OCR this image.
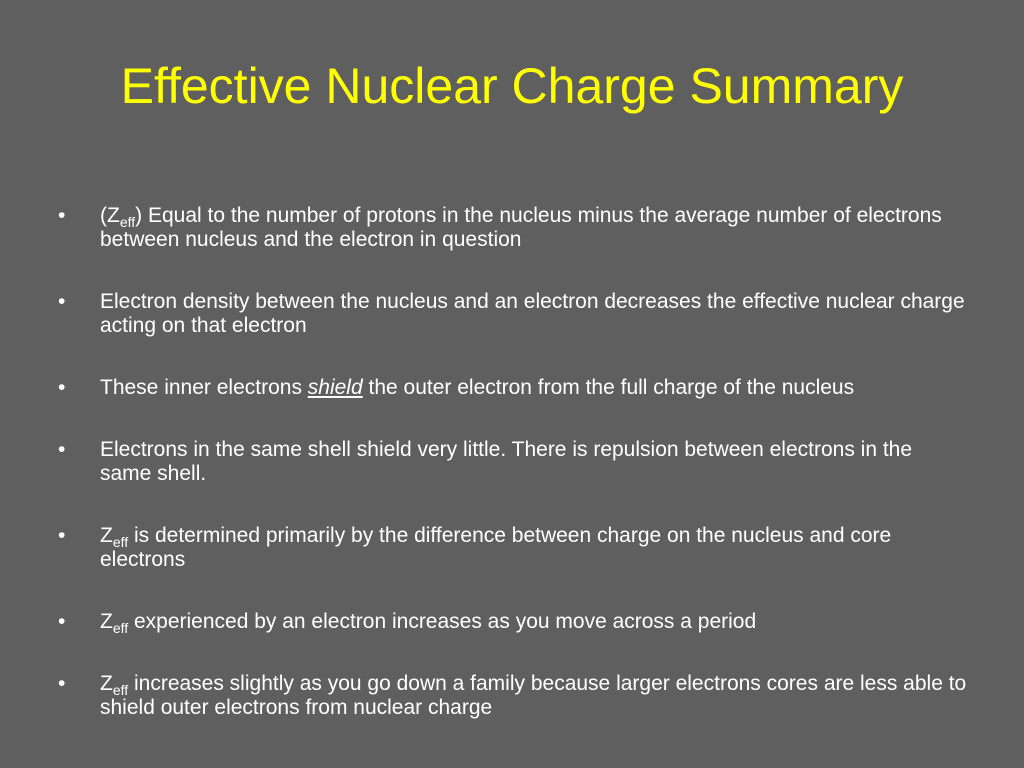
Effective Nuclear Charge Summary
•	$(Z_{eff})$ Equal to the number of protons in the nucleus minus the average number of electrons between nucleus and the electron in question
•	Electron density between the nucleus and an electron decreases the effective nuclear charge acting on that electron
•	These inner electrons shield the outer electron from the full charge of the nucleus
•	Electrons in the same shell shield very little. There is repulsion between electrons in the same shell.
•	$Z_{eff}$ is determined primarily by the difference between charge on the nucleus and core electrons
•	$Z_{eff}$ experienced by an electron increases as you move across a period
•	$Z_{eff}$ increases slightly as you go down a family because larger electrons cores are less able to shield outer electrons from nuclear charge
